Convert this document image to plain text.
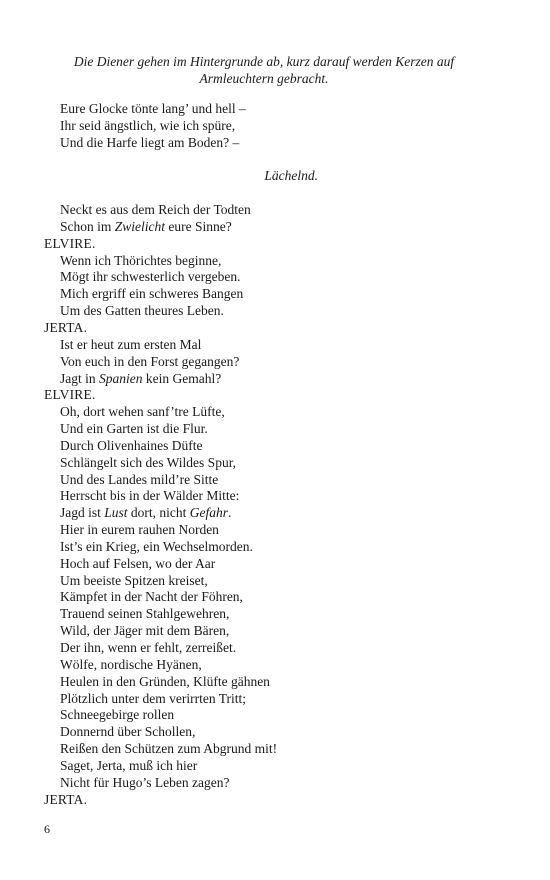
Die Diener gehen im Hintergrunde ab, kurz darauf werden Kerzen auf
Armleuchtern gebracht.
Eure Glocke tönte lang’ und hell –
Ihr seid ängstlich, wie ich spüre,
Und die Harfe liegt am Boden? –
Lächelnd.
Neckt es aus dem Reich der Todten
Schon im Zwielicht eure Sinne?
ELVIRE.
Wenn ich Thörichtes beginne,
Mögt ihr schwesterlich vergeben.
Mich ergriff ein schweres Bangen
Um des Gatten theures Leben.
JERTA.
Ist er heut zum ersten Mal
Von euch in den Forst gegangen?
Jagt in Spanien kein Gemahl?
ELVIRE.
Oh, dort wehen sanf’tre Lüfte,
Und ein Garten ist die Flur.
Durch Olivenhaines Düfte
Schlängelt sich des Wildes Spur,
Und des Landes mild’re Sitte
Herrscht bis in der Wälder Mitte:
Jagd ist Lust dort, nicht Gefahr.
Hier in eurem rauhen Norden
Ist’s ein Krieg, ein Wechselmorden.
Hoch auf Felsen, wo der Aar
Um beeiste Spitzen kreiset,
Kämpfet in der Nacht der Föhren,
Trauend seinen Stahlgewehren,
Wild, der Jäger mit dem Bären,
Der ihn, wenn er fehlt, zerreißet.
Wölfe, nordische Hyänen,
Heulen in den Gründen, Klüfte gähnen
Plötzlich unter dem verirrten Tritt;
Schneegebirge rollen
Donnernd über Schollen,
Reißen den Schützen zum Abgrund mit!
Saget, Jerta, muß ich hier
Nicht für Hugo’s Leben zagen?
JERTA.
6
